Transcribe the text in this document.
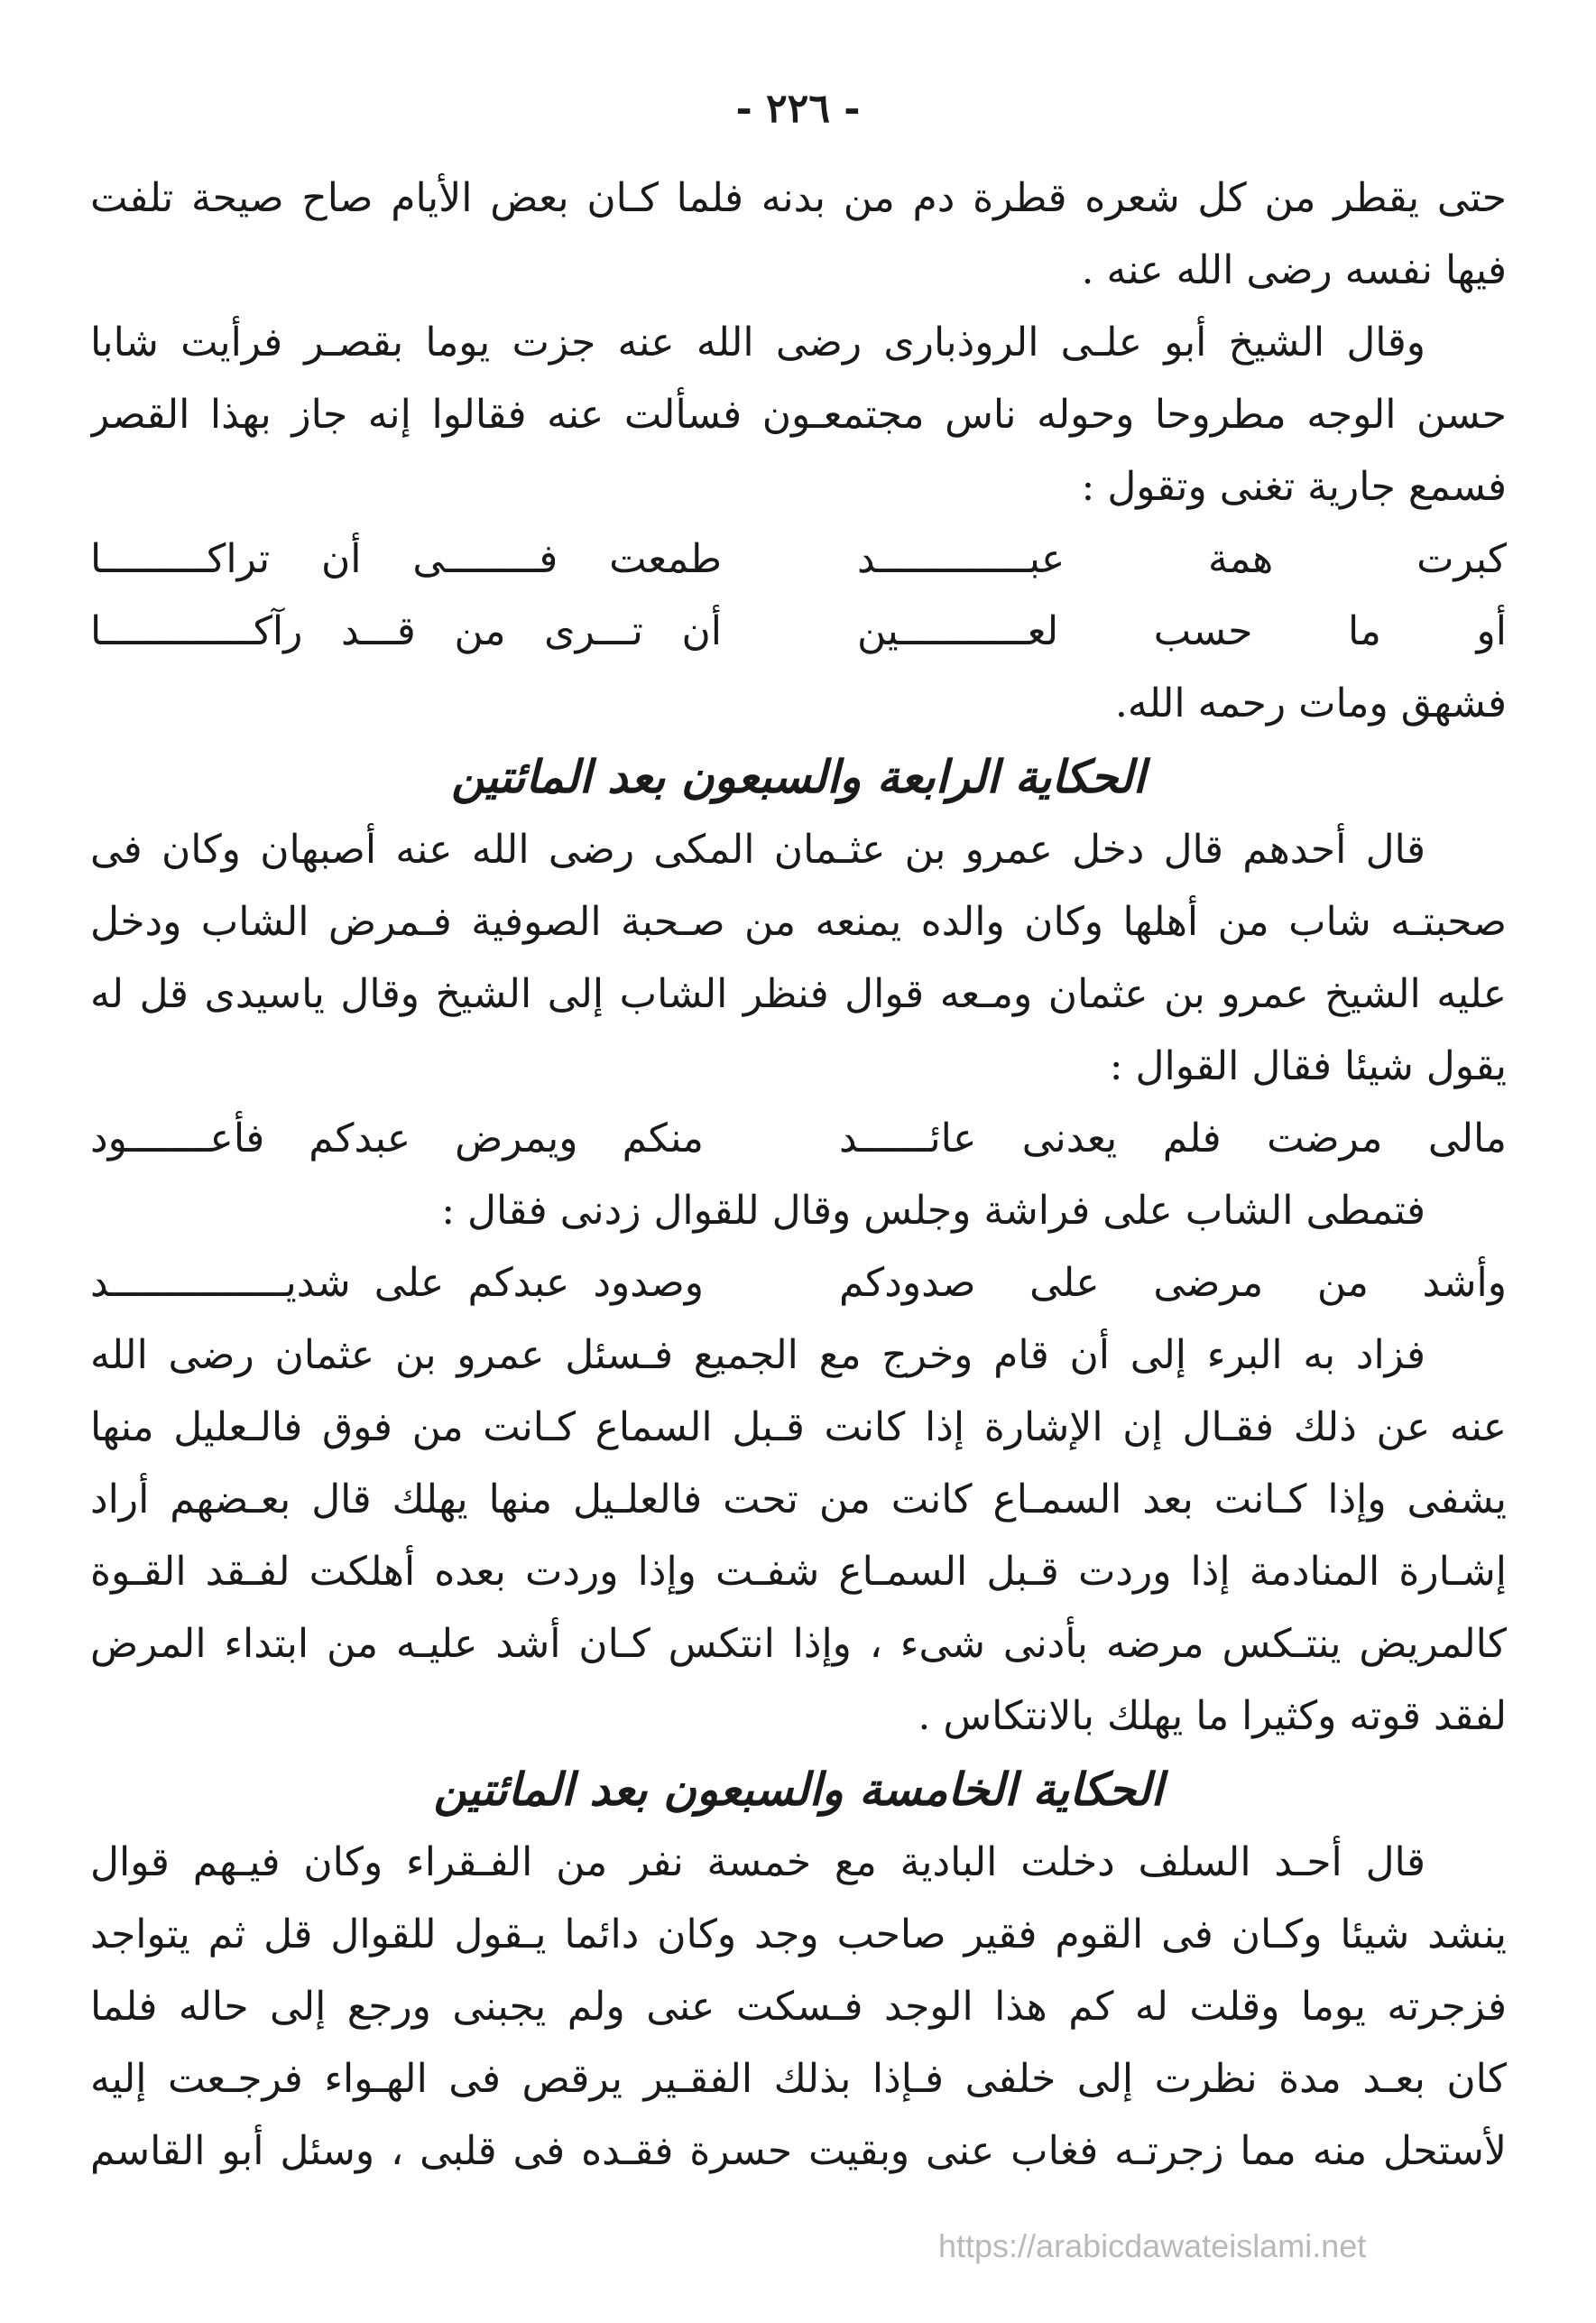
- ٢٢٦ -
حتى يقطر من كل شعره قطرة دم من بدنه فلما كـان بعض الأيام صاح صيحة تلفت
فيها نفسه رضى الله عنه .
وقال الشيخ أبو علـى الروذبارى رضى الله عنه جزت يوما بقصـر فرأيت شابا
حسن الوجه مطروحا وحوله ناس مجتمعـون فسألت عنه فقالوا إنه جاز بهذا القصر
فسمع جارية تغنى وتقول :
كبرت همة عبـــــــــــــد
طمعت فــــــــى أن تراكـــــــــا
أو ما حسب لعـــــــــــين
أن تـــرى من قـــد رآكـــــــــــــا
فشهق ومات رحمه الله.
الحكاية الرابعة والسبعون بعد المائتين
قال أحدهم قال دخل عمرو بن عثـمان المكى رضى الله عنه أصبهان وكان فى
صحبتـه شاب من أهلها وكان والده يمنعه من صـحبة الصوفية فـمرض الشاب ودخل
عليه الشيخ عمرو بن عثمان ومـعه قوال فنظر الشاب إلى الشيخ وقال ياسيدى قل له
يقول شيئا فقال القوال :
مالى مرضت فلم يعدنى عائــــــد
منكم ويمرض عبدكم فأعـــــــود
فتمطى الشاب على فراشة وجلس وقال للقوال زدنى فقال :
وأشد من مرضى على صدودكم
وصدود عبدكم على شديـــــــــــــــد
فزاد به البرء إلى أن قام وخرج مع الجميع فـسئل عمرو بن عثمان رضى الله
عنه عن ذلك فقـال إن الإشارة إذا كانت قـبل السماع كـانت من فوق فالـعليل منها
يشفى وإذا كـانت بعد السمـاع كانت من تحت فالعلـيل منها يهلك قال بعـضهم أراد
إشـارة المنادمة إذا وردت قـبل السمـاع شفـت وإذا وردت بعده أهلكت لفـقد القـوة
كالمريض ينتـكس مرضه بأدنى شىء ، وإذا انتكس كـان أشد عليـه من ابتداء المرض
لفقد قوته وكثيرا ما يهلك بالانتكاس .
الحكاية الخامسة والسبعون بعد المائتين
قال أحـد السلف دخلت البادية مع خمسة نفر من الفـقراء وكان فيـهم قوال
ينشد شيئا وكـان فى القوم فقير صاحب وجد وكان دائما يـقول للقوال قل ثم يتواجد
فزجرته يوما وقلت له كم هذا الوجد فـسكت عنى ولم يجبنى ورجع إلى حاله فلما
كان بعـد مدة نظرت إلى خلفى فـإذا بذلك الفقـير يرقص فى الهـواء فرجـعت إليه
لأستحل منه مما زجرتـه فغاب عنى وبقيت حسرة فقـده فى قلبى ، وسئل أبو القاسم
https://arabicdawateislami.net
